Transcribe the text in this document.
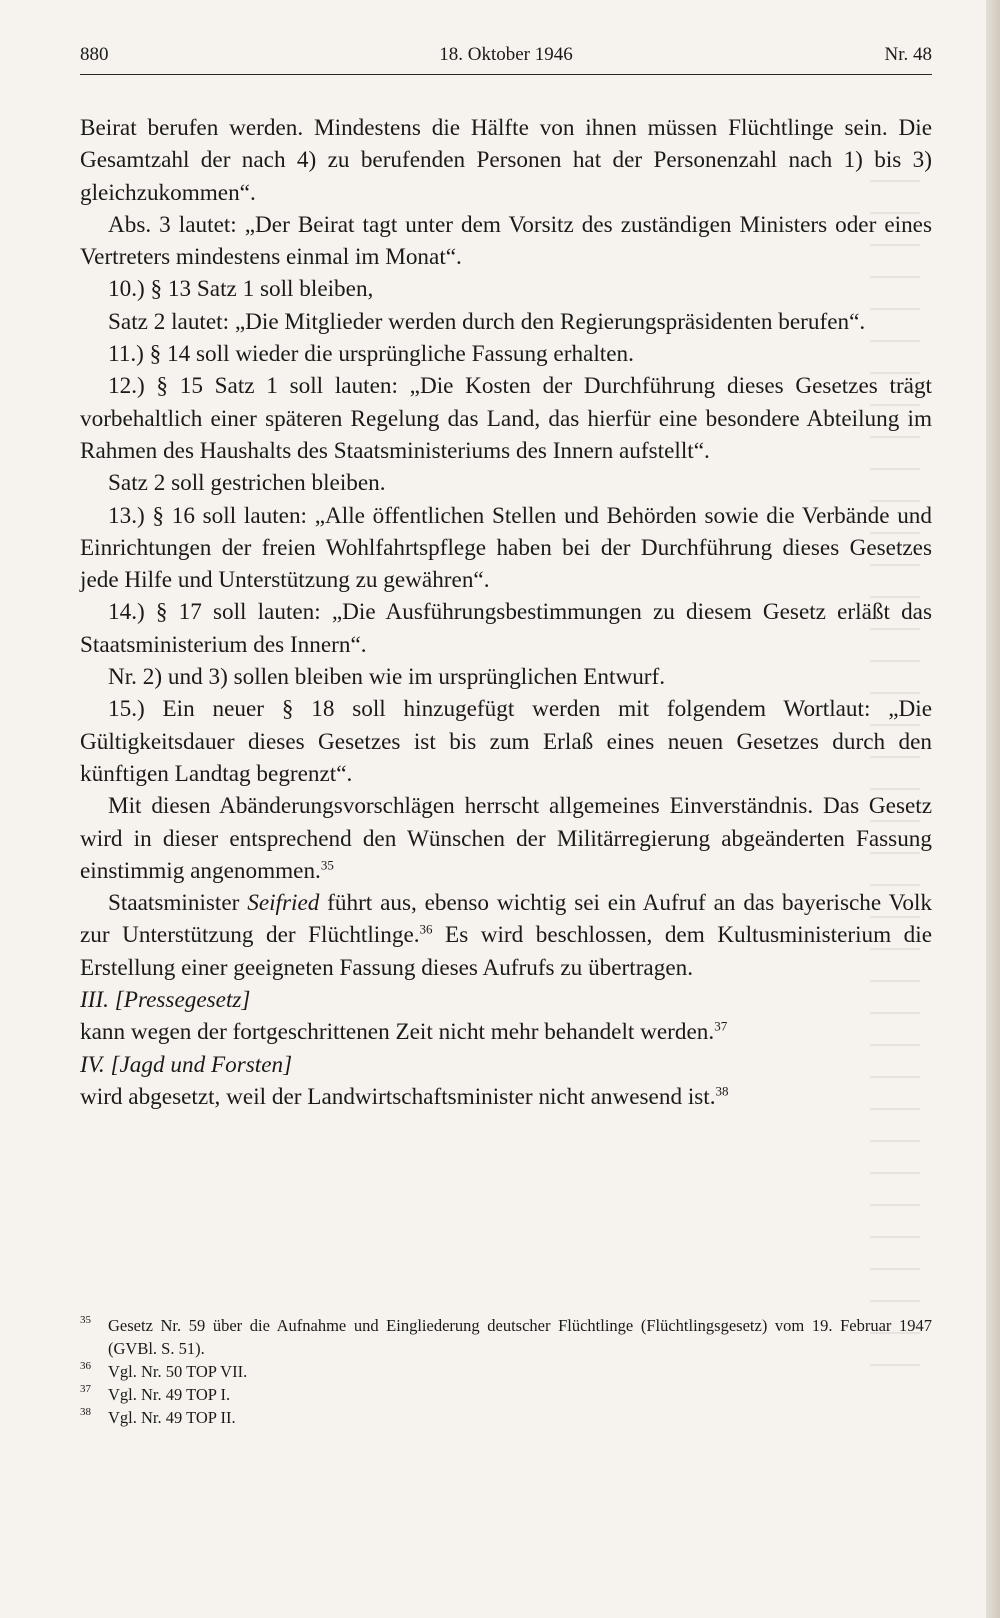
880	18. Oktober 1946	Nr. 48

Beirat berufen werden. Mindestens die Hälfte von ihnen müssen Flüchtlinge sein. Die Gesamtzahl der nach 4) zu berufenden Personen hat der Personenzahl nach 1) bis 3) gleichzukommen“.

Abs. 3 lautet: „Der Beirat tagt unter dem Vorsitz des zuständigen Ministers oder eines Vertreters mindestens einmal im Monat“.

10.) § 13 Satz 1 soll bleiben,

Satz 2 lautet: „Die Mitglieder werden durch den Regierungspräsidenten berufen“.

11.) § 14 soll wieder die ursprüngliche Fassung erhalten.

12.) § 15 Satz 1 soll lauten: „Die Kosten der Durchführung dieses Gesetzes trägt vorbehaltlich einer späteren Regelung das Land, das hierfür eine besondere Abteilung im Rahmen des Haushalts des Staatsministeriums des Innern aufstellt“.

Satz 2 soll gestrichen bleiben.

13.) § 16 soll lauten: „Alle öffentlichen Stellen und Behörden sowie die Verbände und Einrichtungen der freien Wohlfahrtspflege haben bei der Durchführung dieses Gesetzes jede Hilfe und Unterstützung zu gewähren“.

14.) § 17 soll lauten: „Die Ausführungsbestimmungen zu diesem Gesetz erläßt das Staatsministerium des Innern“.

Nr. 2) und 3) sollen bleiben wie im ursprünglichen Entwurf.

15.) Ein neuer § 18 soll hinzugefügt werden mit folgendem Wortlaut: „Die Gültigkeitsdauer dieses Gesetzes ist bis zum Erlaß eines neuen Gesetzes durch den künftigen Landtag begrenzt“.

Mit diesen Abänderungsvorschlägen herrscht allgemeines Einverständnis. Das Gesetz wird in dieser entsprechend den Wünschen der Militärregierung abgeänderten Fassung einstimmig angenommen.$^{35}$

Staatsminister Seifried führt aus, ebenso wichtig sei ein Aufruf an das bayerische Volk zur Unterstützung der Flüchtlinge.$^{36}$ Es wird beschlossen, dem Kultusministerium die Erstellung einer geeigneten Fassung dieses Aufrufs zu übertragen.

III. [Pressegesetz]

kann wegen der fortgeschrittenen Zeit nicht mehr behandelt werden.$^{37}$

IV. [Jagd und Forsten]

wird abgesetzt, weil der Landwirtschaftsminister nicht anwesend ist.$^{38}$

35 Gesetz Nr. 59 über die Aufnahme und Eingliederung deutscher Flüchtlinge (Flüchtlingsgesetz) vom 19. Februar 1947 (GVBl. S. 51).
36 Vgl. Nr. 50 TOP VII.
37 Vgl. Nr. 49 TOP I.
38 Vgl. Nr. 49 TOP II.
